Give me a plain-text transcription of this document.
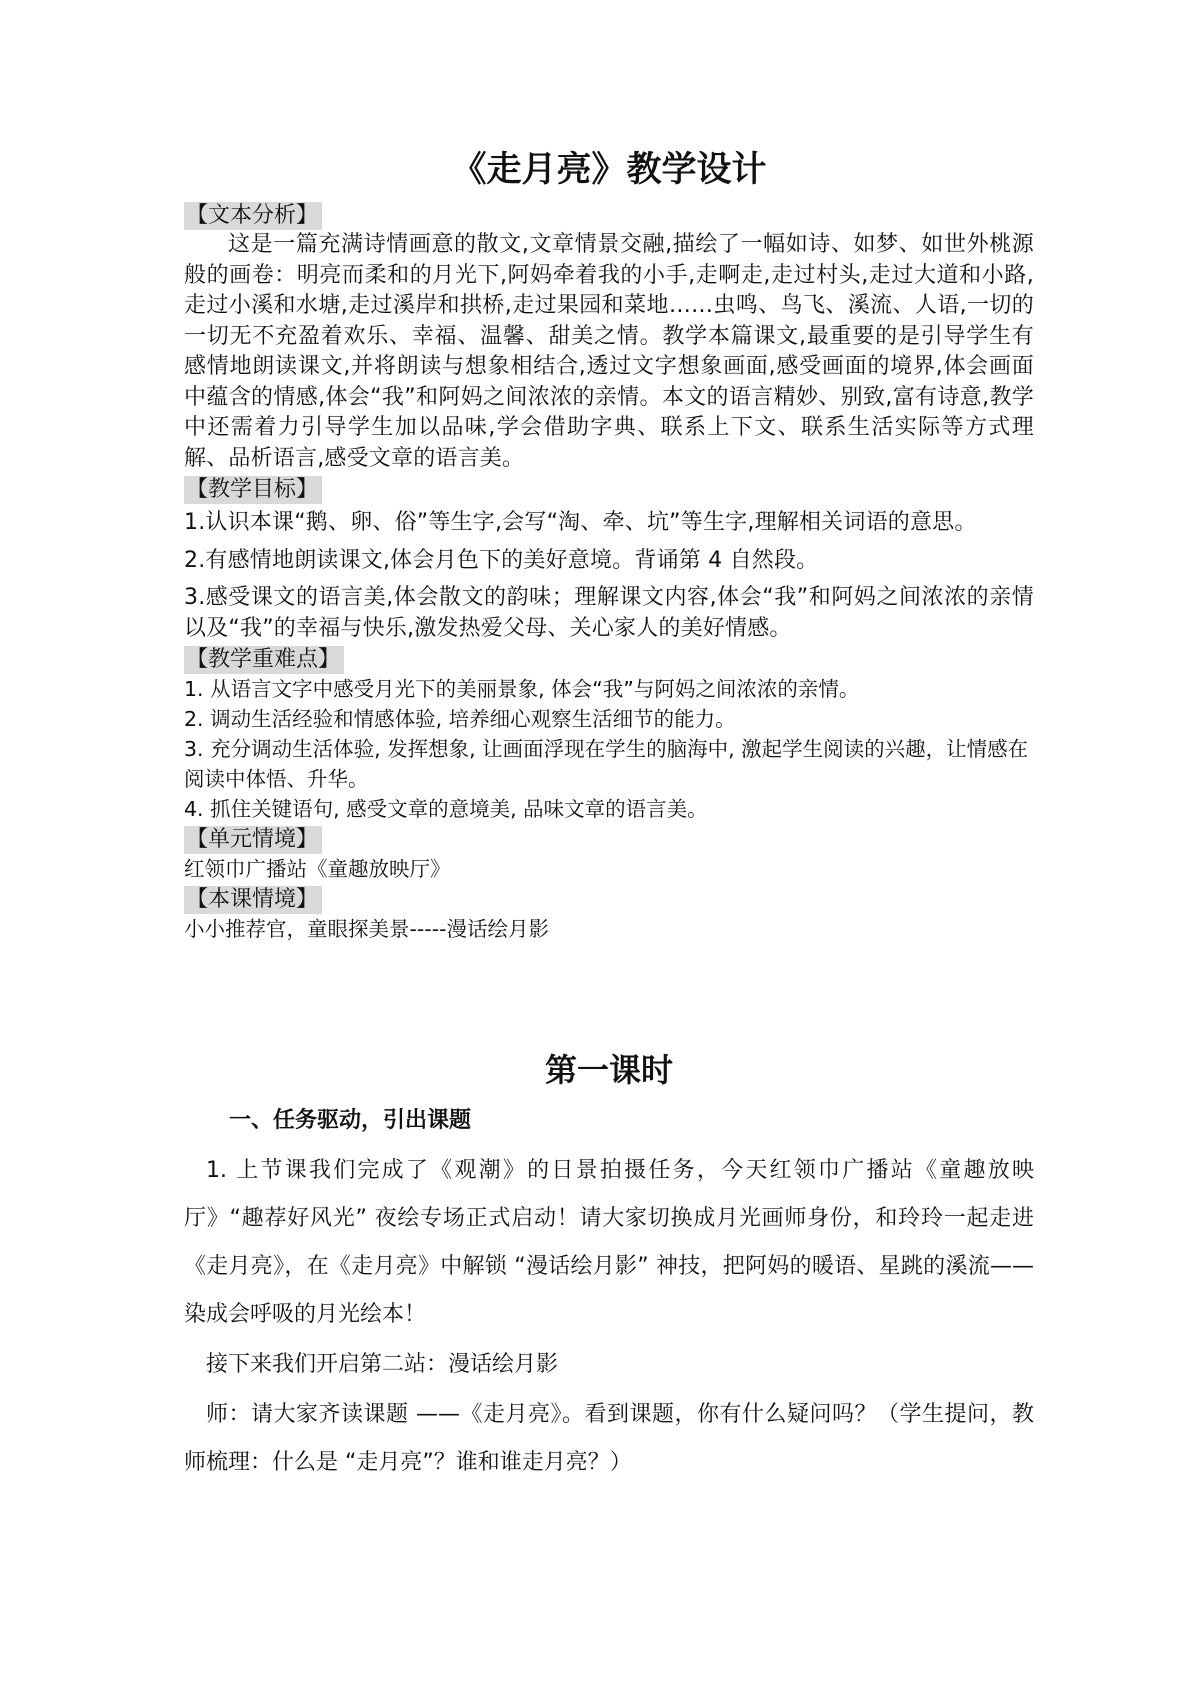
《走月亮》教学设计
【文本分析】

这是一篇充满诗情画意的散文,文章情景交融,描绘了一幅如诗、如梦、如世外桃源般的画卷：明亮而柔和的月光下,阿妈牵着我的小手,走啊走,走过村头,走过大道和小路,走过小溪和水塘,走过溪岸和拱桥,走过果园和菜地……虫鸣、鸟飞、溪流、人语,一切的一切无不充盈着欢乐、幸福、温馨、甜美之情。教学本篇课文,最重要的是引导学生有感情地朗读课文,并将朗读与想象相结合,透过文字想象画面,感受画面的境界,体会画面中蕴含的情感,体会“我”和阿妈之间浓浓的亲情。本文的语言精妙、别致,富有诗意,教学中还需着力引导学生加以品味,学会借助字典、联系上下文、联系生活实际等方式理解、品析语言,感受文章的语言美。

【教学目标】

1.认识本课“鹅、卵、俗”等生字,会写“淘、牵、坑”等生字,理解相关词语的意思。

2.有感情地朗读课文,体会月色下的美好意境。背诵第 4 自然段。

3.感受课文的语言美,体会散文的韵味；理解课文内容,体会“我”和阿妈之间浓浓的亲情以及“我”的幸福与快乐,激发热爱父母、关心家人的美好情感。

【教学重难点】

1. 从语言文字中感受月光下的美丽景象, 体会“我”与阿妈之间浓浓的亲情。

2. 调动生活经验和情感体验, 培养细心观察生活细节的能力。

3. 充分调动生活体验, 发挥想象, 让画面浮现在学生的脑海中, 激起学生阅读的兴趣，让情感在阅读中体悟、升华。

4. 抓住关键语句, 感受文章的意境美, 品味文章的语言美。

【单元情境】

红领巾广播站《童趣放映厅》

【本课情境】

小小推荐官，童眼探美景-----漫话绘月影

第一课时
一、任务驱动，引出课题

1. 上节课我们完成了《观潮》的日景拍摄任务，今天红领巾广播站《童趣放映厅》“趣荐好风光” 夜绘专场正式启动！请大家切换成月光画师身份，和玲玲一起走进《走月亮》，在《走月亮》中解锁 “漫话绘月影” 神技，把阿妈的暖语、星跳的溪流——染成会呼吸的月光绘本！

接下来我们开启第二站：漫话绘月影

师：请大家齐读课题 ——《走月亮》。看到课题，你有什么疑问吗？（学生提问，教师梳理：什么是 “走月亮”？谁和谁走月亮？）
